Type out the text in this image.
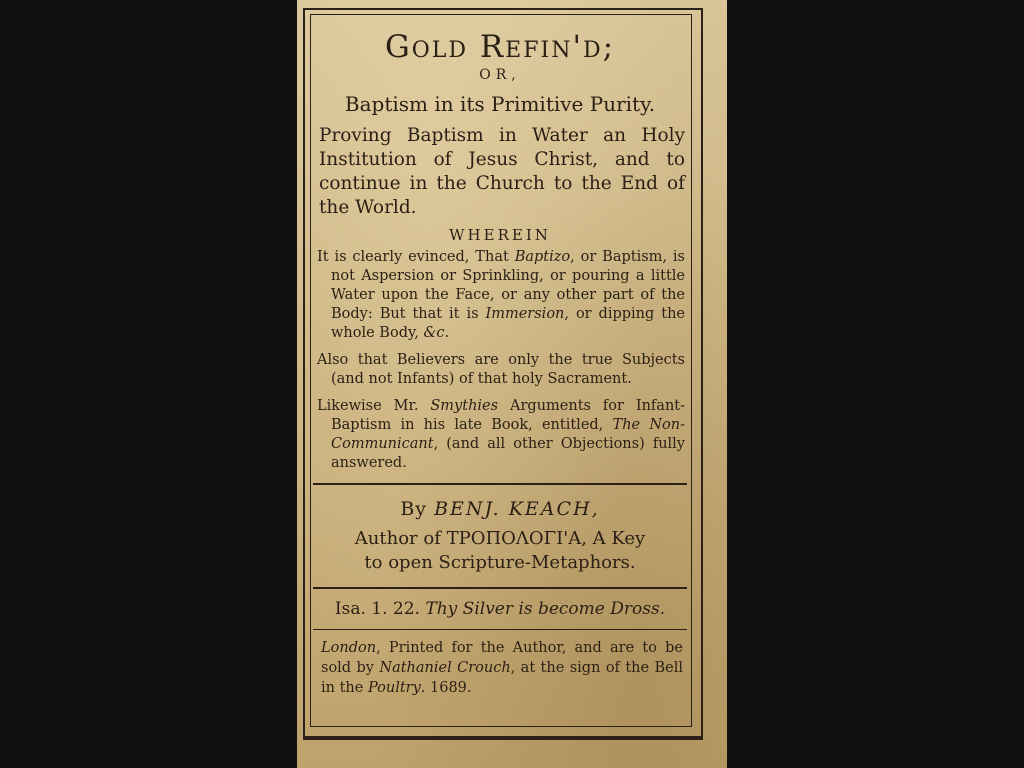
Gold Refin'd;
OR,
Baptism in its Primitive Purity.
Proving Baptism in Water an Holy Institution of Jesus Christ, and to continue in the Church to the End of the World.
WHEREIN
It is clearly evinced, That Baptizo, or Baptism, is not Aspersion or Sprinkling, or pouring a little Water upon the Face, or any other part of the Body: But that it is Immersion, or dipping the whole Body, &c.
Also that Believers are only the true Subjects (and not Infants) of that holy Sacrament.
Likewise Mr. Smythies Arguments for Infant-Baptism in his late Book, entitled, The Non-Communicant, (and all other Objections) fully answered.
By BENJ. KEACH,
Author of ΤΡΟΠΟΛΟΓΙ'Α, A Key
to open Scripture-Metaphors.
Isa. 1. 22. Thy Silver is become Dross.
London, Printed for the Author, and are to be sold by Nathaniel Crouch, at the sign of the Bell in the Poultry. 1689.
